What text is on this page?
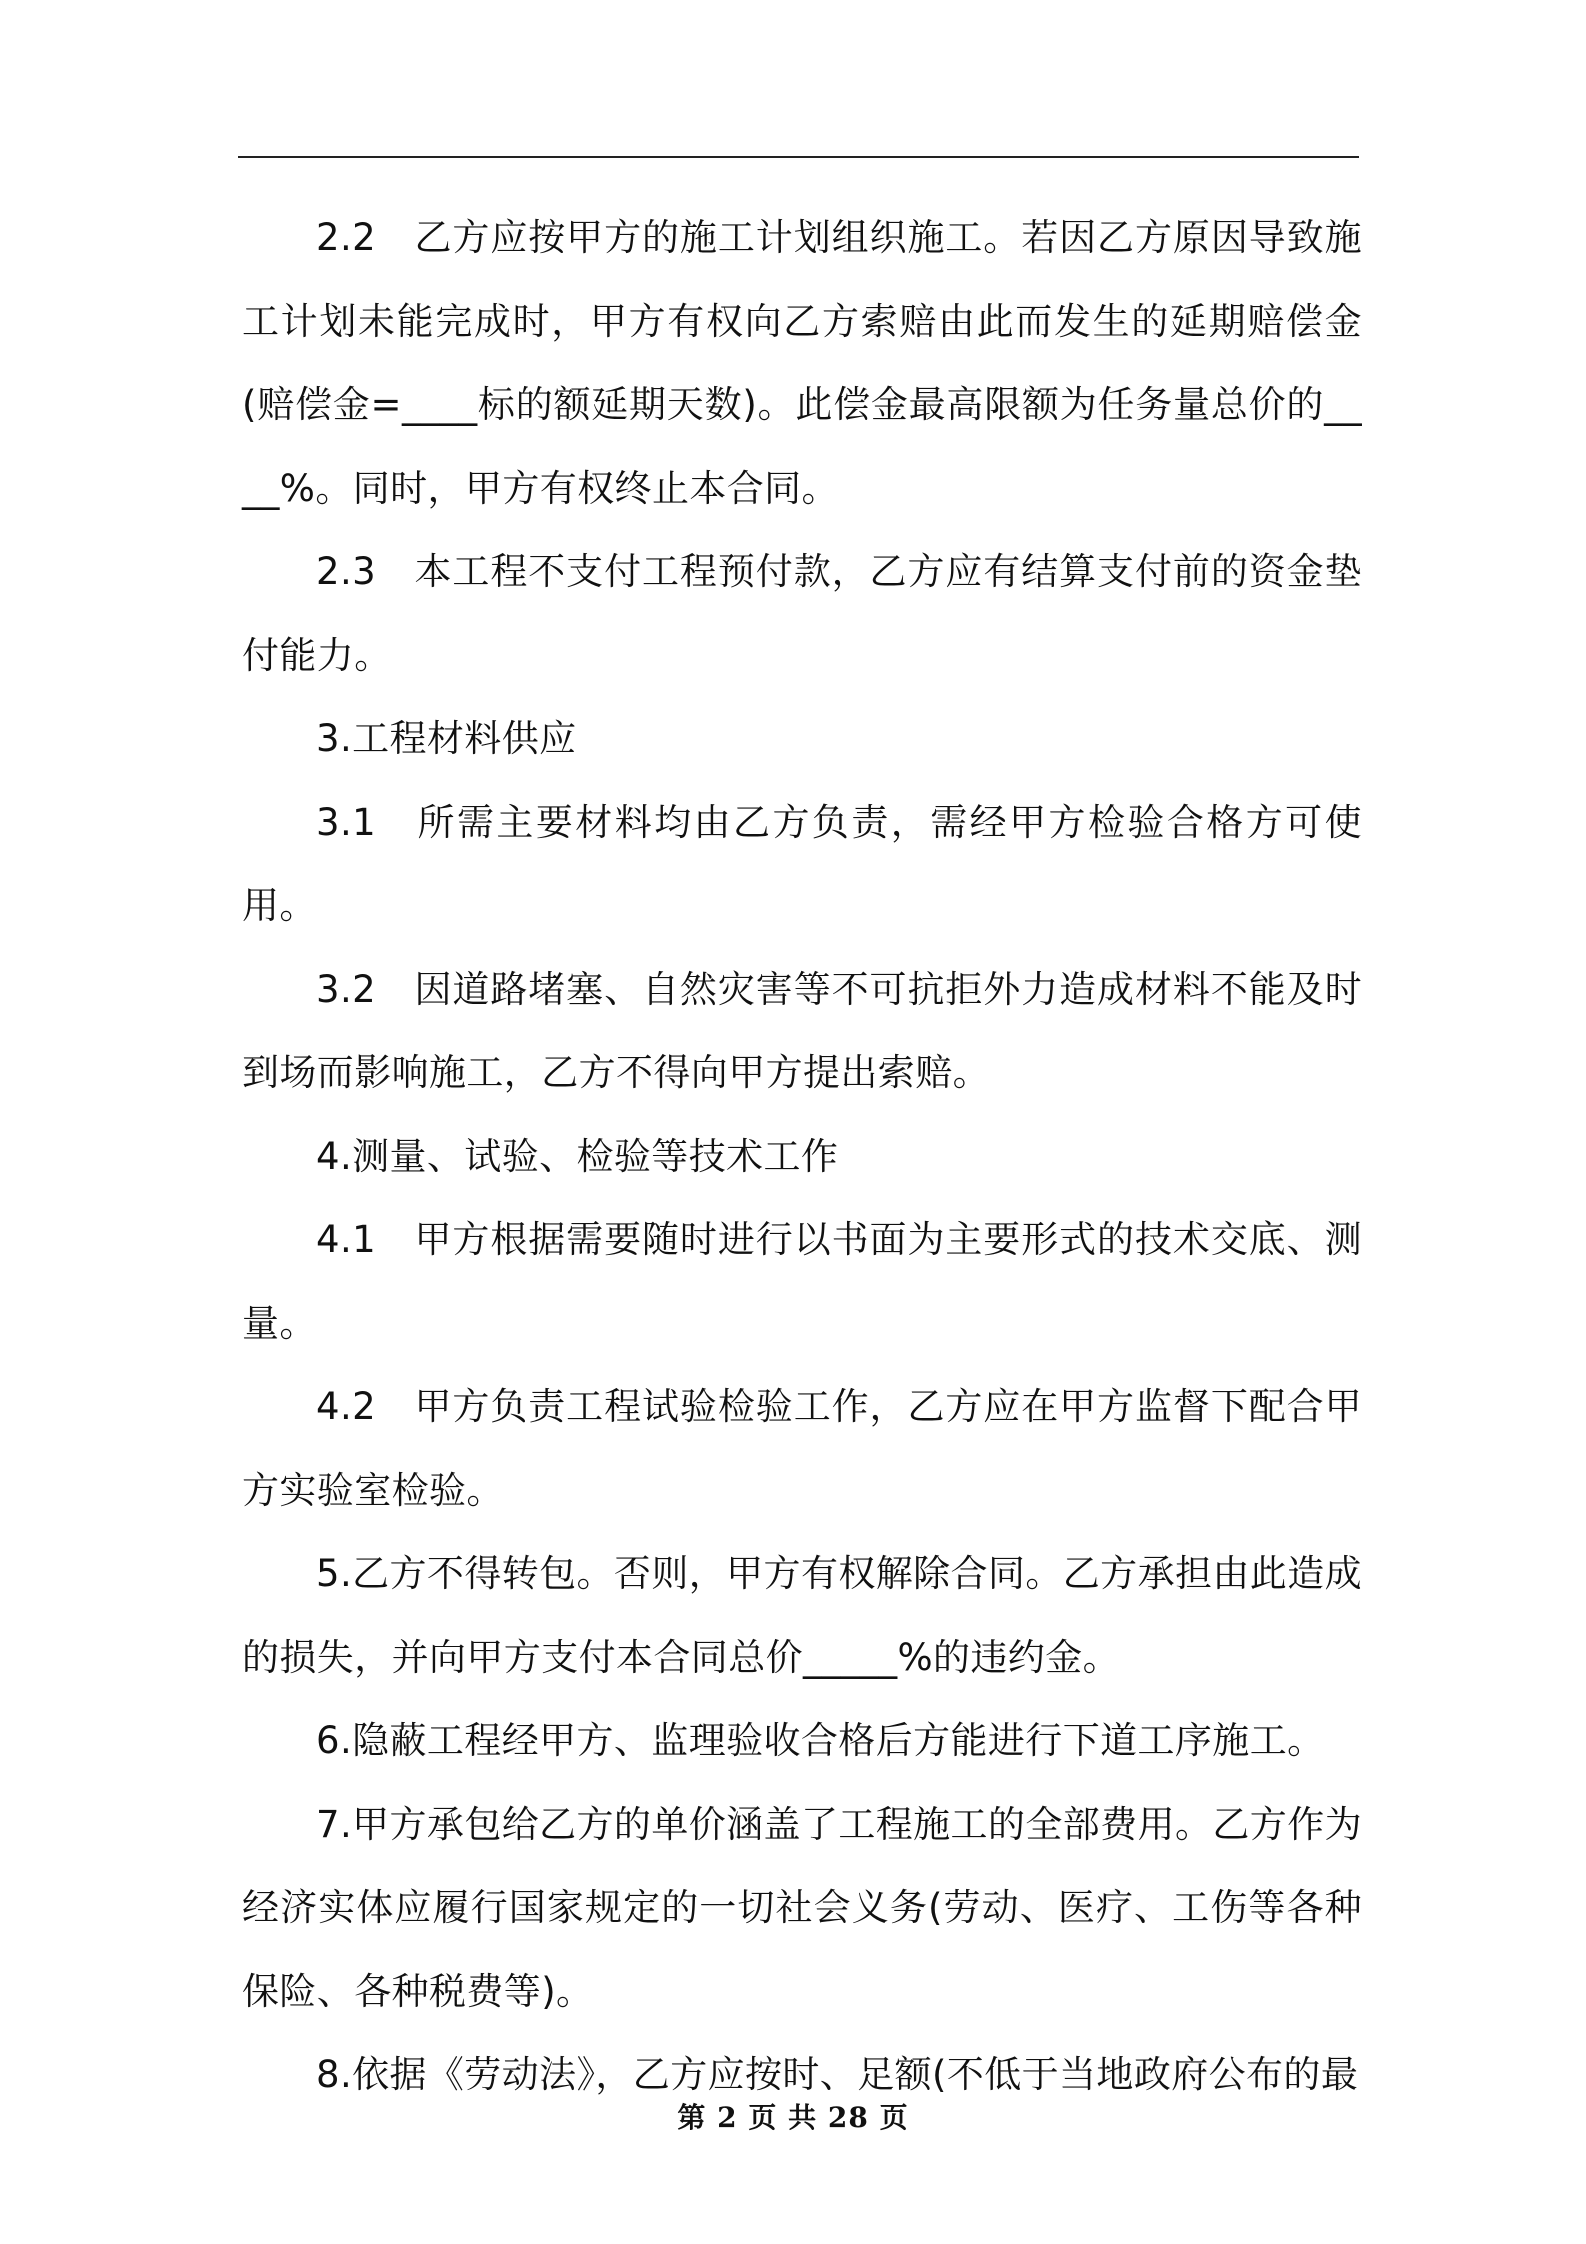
2.2　乙方应按甲方的施工计划组织施工。若因乙方原因导致施工计划未能完成时，甲方有权向乙方索赔由此而发生的延期赔偿金(赔偿金=____标的额延期天数)。此偿金最高限额为任务量总价的____%。同时，甲方有权终止本合同。

2.3　本工程不支付工程预付款，乙方应有结算支付前的资金垫付能力。

3.工程材料供应

3.1　所需主要材料均由乙方负责，需经甲方检验合格方可使用。

3.2　因道路堵塞、自然灾害等不可抗拒外力造成材料不能及时到场而影响施工，乙方不得向甲方提出索赔。

4.测量、试验、检验等技术工作

4.1　甲方根据需要随时进行以书面为主要形式的技术交底、测量。

4.2　甲方负责工程试验检验工作，乙方应在甲方监督下配合甲方实验室检验。

5.乙方不得转包。否则，甲方有权解除合同。乙方承担由此造成的损失，并向甲方支付本合同总价_____%的违约金。

6.隐蔽工程经甲方、监理验收合格后方能进行下道工序施工。

7.甲方承包给乙方的单价涵盖了工程施工的全部费用。乙方作为经济实体应履行国家规定的一切社会义务(劳动、医疗、工伤等各种保险、各种税费等)。

8.依据《劳动法》，乙方应按时、足额(不低于当地政府公布的最

第 2 页 共 28 页
